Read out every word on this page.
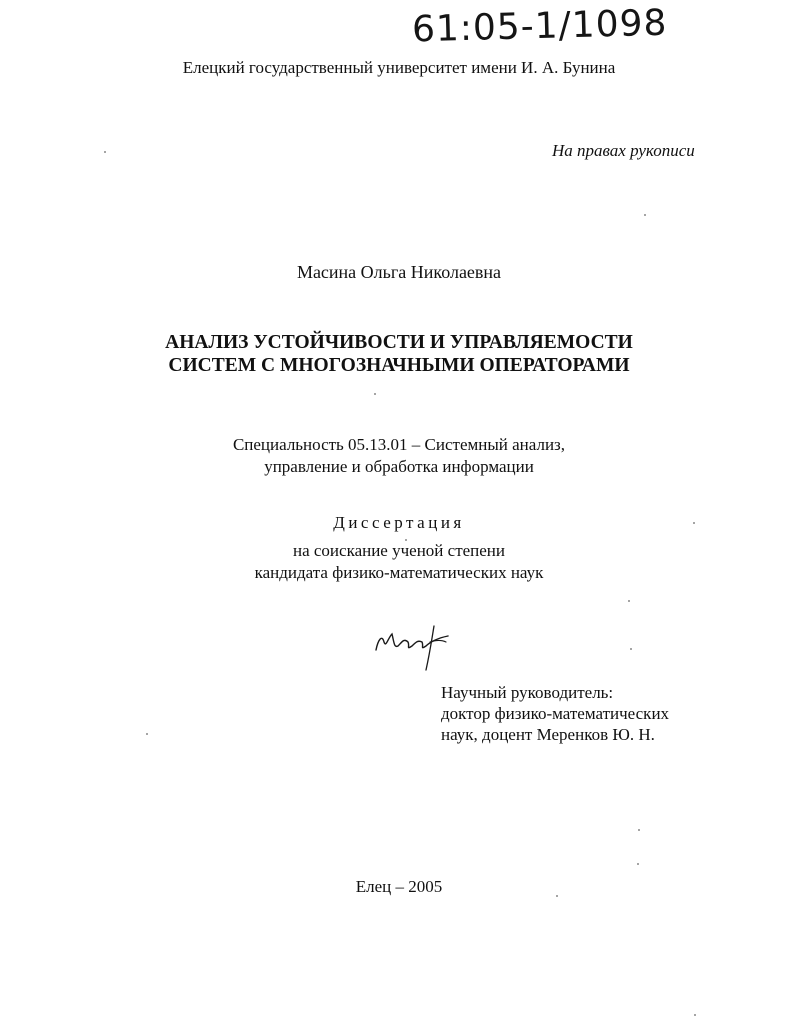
61:05-1/1098
Елецкий государственный университет имени И. А. Бунина
На правах рукописи
Масина Ольга Николаевна
АНАЛИЗ УСТОЙЧИВОСТИ И УПРАВЛЯЕМОСТИ
СИСТЕМ С МНОГОЗНАЧНЫМИ ОПЕРАТОРАМИ
Специальность 05.13.01 – Системный анализ,
управление и обработка информации
Диссертация
на соискание ученой степени
кандидата физико-математических наук
Научный руководитель:
доктор физико-математических
наук, доцент Меренков Ю. Н.
Елец – 2005
